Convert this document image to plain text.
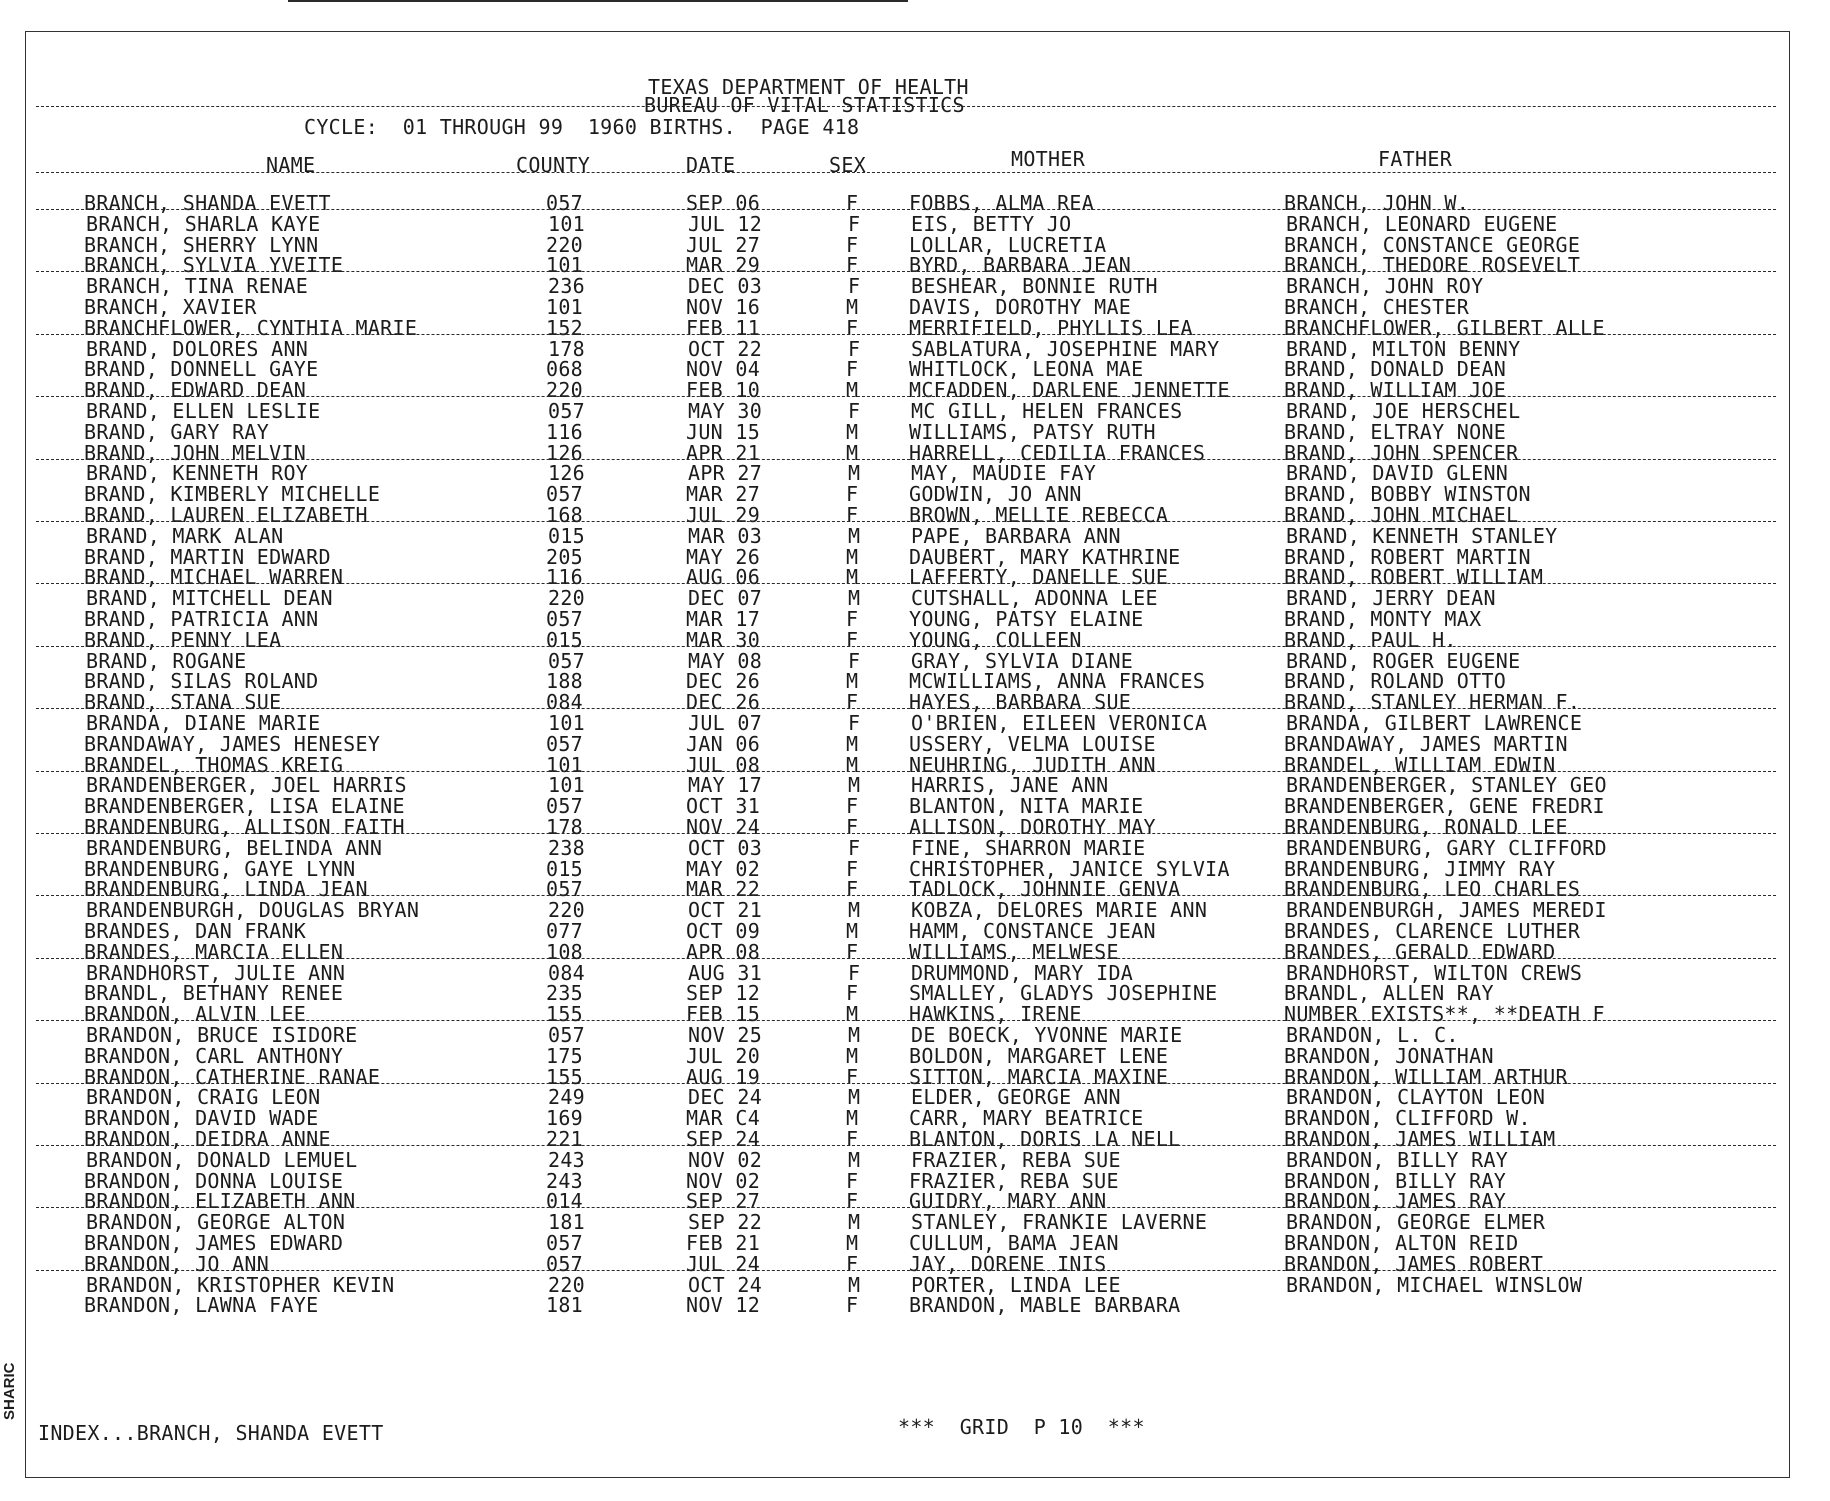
TEXAS DEPARTMENT OF HEALTH
BUREAU OF VITAL STATISTICS
CYCLE:  01 THROUGH 99  1960 BIRTHS.  PAGE 418
NAME	COUNTY	DATE	SEX	MOTHER	FATHER
BRANCH, SHANDA EVETT	057	SEP 06	F	FOBBS, ALMA REA	BRANCH, JOHN W.
BRANCH, SHARLA KAYE	101	JUL 12	F	EIS, BETTY JO	BRANCH, LEONARD EUGENE
BRANCH, SHERRY LYNN	220	JUL 27	F	LOLLAR, LUCRETIA	BRANCH, CONSTANCE GEORGE
BRANCH, SYLVIA YVEITE	101	MAR 29	F	BYRD, BARBARA JEAN	BRANCH, THEDORE ROSEVELT
BRANCH, TINA RENAE	236	DEC 03	F	BESHEAR, BONNIE RUTH	BRANCH, JOHN ROY
BRANCH, XAVIER	101	NOV 16	M	DAVIS, DOROTHY MAE	BRANCH, CHESTER
BRANCHFLOWER, CYNTHIA MARIE	152	FEB 11	F	MERRIFIELD, PHYLLIS LEA	BRANCHFLOWER, GILBERT ALLE
BRAND, DOLORES ANN	178	OCT 22	F	SABLATURA, JOSEPHINE MARY	BRAND, MILTON BENNY
BRAND, DONNELL GAYE	068	NOV 04	F	WHITLOCK, LEONA MAE	BRAND, DONALD DEAN
BRAND, EDWARD DEAN	220	FEB 10	M	MCFADDEN, DARLENE JENNETTE	BRAND, WILLIAM JOE
BRAND, ELLEN LESLIE	057	MAY 30	F	MC GILL, HELEN FRANCES	BRAND, JOE HERSCHEL
BRAND, GARY RAY	116	JUN 15	M	WILLIAMS, PATSY RUTH	BRAND, ELTRAY NONE
BRAND, JOHN MELVIN	126	APR 21	M	HARRELL, CEDILIA FRANCES	BRAND, JOHN SPENCER
BRAND, KENNETH ROY	126	APR 27	M	MAY, MAUDIE FAY	BRAND, DAVID GLENN
BRAND, KIMBERLY MICHELLE	057	MAR 27	F	GODWIN, JO ANN	BRAND, BOBBY WINSTON
BRAND, LAUREN ELIZABETH	168	JUL 29	F	BROWN, MELLIE REBECCA	BRAND, JOHN MICHAEL
BRAND, MARK ALAN	015	MAR 03	M	PAPE, BARBARA ANN	BRAND, KENNETH STANLEY
BRAND, MARTIN EDWARD	205	MAY 26	M	DAUBERT, MARY KATHRINE	BRAND, ROBERT MARTIN
BRAND, MICHAEL WARREN	116	AUG 06	M	LAFFERTY, DANELLE SUE	BRAND, ROBERT WILLIAM
BRAND, MITCHELL DEAN	220	DEC 07	M	CUTSHALL, ADONNA LEE	BRAND, JERRY DEAN
BRAND, PATRICIA ANN	057	MAR 17	F	YOUNG, PATSY ELAINE	BRAND, MONTY MAX
BRAND, PENNY LEA	015	MAR 30	F	YOUNG, COLLEEN	BRAND, PAUL H.
BRAND, ROGANE	057	MAY 08	F	GRAY, SYLVIA DIANE	BRAND, ROGER EUGENE
BRAND, SILAS ROLAND	188	DEC 26	M	MCWILLIAMS, ANNA FRANCES	BRAND, ROLAND OTTO
BRAND, STANA SUE	084	DEC 26	F	HAYES, BARBARA SUE	BRAND, STANLEY HERMAN F.
BRANDA, DIANE MARIE	101	JUL 07	F	O'BRIEN, EILEEN VERONICA	BRANDA, GILBERT LAWRENCE
BRANDAWAY, JAMES HENESEY	057	JAN 06	M	USSERY, VELMA LOUISE	BRANDAWAY, JAMES MARTIN
BRANDEL, THOMAS KREIG	101	JUL 08	M	NEUHRING, JUDITH ANN	BRANDEL, WILLIAM EDWIN
BRANDENBERGER, JOEL HARRIS	101	MAY 17	M	HARRIS, JANE ANN	BRANDENBERGER, STANLEY GEO
BRANDENBERGER, LISA ELAINE	057	OCT 31	F	BLANTON, NITA MARIE	BRANDENBERGER, GENE FREDRI
BRANDENBURG, ALLISON FAITH	178	NOV 24	F	ALLISON, DOROTHY MAY	BRANDENBURG, RONALD LEE
BRANDENBURG, BELINDA ANN	238	OCT 03	F	FINE, SHARRON MARIE	BRANDENBURG, GARY CLIFFORD
BRANDENBURG, GAYE LYNN	015	MAY 02	F	CHRISTOPHER, JANICE SYLVIA	BRANDENBURG, JIMMY RAY
BRANDENBURG, LINDA JEAN	057	MAR 22	F	TADLOCK, JOHNNIE GENVA	BRANDENBURG, LEO CHARLES
BRANDENBURGH, DOUGLAS BRYAN	220	OCT 21	M	KOBZA, DELORES MARIE ANN	BRANDENBURGH, JAMES MEREDI
BRANDES, DAN FRANK	077	OCT 09	M	HAMM, CONSTANCE JEAN	BRANDES, CLARENCE LUTHER
BRANDES, MARCIA ELLEN	108	APR 08	F	WILLIAMS, MELWESE	BRANDES, GERALD EDWARD
BRANDHORST, JULIE ANN	084	AUG 31	F	DRUMMOND, MARY IDA	BRANDHORST, WILTON CREWS
BRANDL, BETHANY RENEE	235	SEP 12	F	SMALLEY, GLADYS JOSEPHINE	BRANDL, ALLEN RAY
BRANDON, ALVIN LEE	155	FEB 15	M	HAWKINS, IRENE	NUMBER EXISTS**, **DEATH F
BRANDON, BRUCE ISIDORE	057	NOV 25	M	DE BOECK, YVONNE MARIE	BRANDON, L. C.
BRANDON, CARL ANTHONY	175	JUL 20	M	BOLDON, MARGARET LENE	BRANDON, JONATHAN
BRANDON, CATHERINE RANAE	155	AUG 19	F	SITTON, MARCIA MAXINE	BRANDON, WILLIAM ARTHUR
BRANDON, CRAIG LEON	249	DEC 24	M	ELDER, GEORGE ANN	BRANDON, CLAYTON LEON
BRANDON, DAVID WADE	169	MAR C4	M	CARR, MARY BEATRICE	BRANDON, CLIFFORD W.
BRANDON, DEIDRA ANNE	221	SEP 24	F	BLANTON, DORIS LA NELL	BRANDON, JAMES WILLIAM
BRANDON, DONALD LEMUEL	243	NOV 02	M	FRAZIER, REBA SUE	BRANDON, BILLY RAY
BRANDON, DONNA LOUISE	243	NOV 02	F	FRAZIER, REBA SUE	BRANDON, BILLY RAY
BRANDON, ELIZABETH ANN	014	SEP 27	F	GUIDRY, MARY ANN	BRANDON, JAMES RAY
BRANDON, GEORGE ALTON	181	SEP 22	M	STANLEY, FRANKIE LAVERNE	BRANDON, GEORGE ELMER
BRANDON, JAMES EDWARD	057	FEB 21	M	CULLUM, BAMA JEAN	BRANDON, ALTON REID
BRANDON, JO ANN	057	JUL 24	F	JAY, DORENE INIS	BRANDON, JAMES ROBERT
BRANDON, KRISTOPHER KEVIN	220	OCT 24	M	PORTER, LINDA LEE	BRANDON, MICHAEL WINSLOW
BRANDON, LAWNA FAYE	181	NOV 12	F	BRANDON, MABLE BARBARA
INDEX...BRANCH, SHANDA EVETT	***  GRID  P 10  ***
SHARIC
